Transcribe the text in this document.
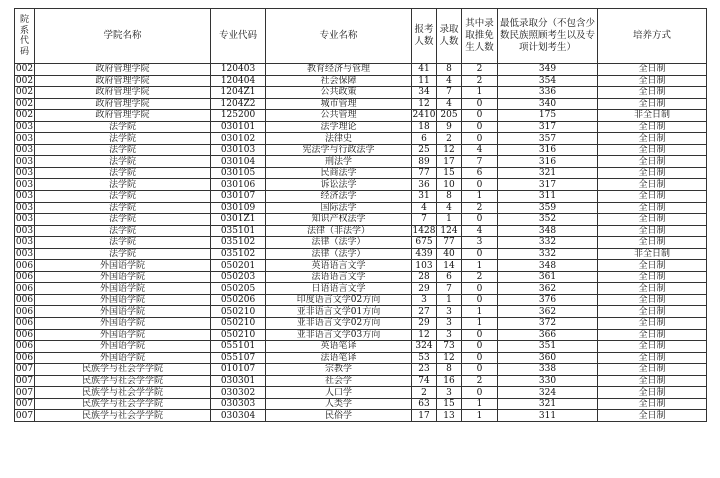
院系代码	学院名称	专业代码	专业名称	报考人数	录取人数	其中录取推免生人数	最低录取分（不包含少数民族照顾考生以及专项计划考生）	培养方式
002	政府管理学院	120403	教育经济与管理	41	8	2	349	全日制
002	政府管理学院	120404	社会保障	11	4	2	354	全日制
002	政府管理学院	1204Z1	公共政策	34	7	1	336	全日制
002	政府管理学院	1204Z2	城市管理	12	4	0	340	全日制
002	政府管理学院	125200	公共管理	2410	205	0	175	非全日制
003	法学院	030101	法学理论	18	9	0	317	全日制
003	法学院	030102	法律史	6	2	0	357	全日制
003	法学院	030103	宪法学与行政法学	25	12	4	316	全日制
003	法学院	030104	刑法学	89	17	7	316	全日制
003	法学院	030105	民商法学	77	15	6	321	全日制
003	法学院	030106	诉讼法学	36	10	0	317	全日制
003	法学院	030107	经济法学	31	8	1	311	全日制
003	法学院	030109	国际法学	4	4	2	359	全日制
003	法学院	0301Z1	知识产权法学	7	1	0	352	全日制
003	法学院	035101	法律（非法学）	1428	124	4	348	全日制
003	法学院	035102	法律（法学）	675	77	3	332	全日制
003	法学院	035102	法律（法学）	439	40	0	332	非全日制
006	外国语学院	050201	英语语言文学	103	14	1	348	全日制
006	外国语学院	050203	法语语言文学	28	6	2	361	全日制
006	外国语学院	050205	日语语言文学	29	7	0	362	全日制
006	外国语学院	050206	印度语言文学02方向	3	1	0	376	全日制
006	外国语学院	050210	亚非语言文学01方向	27	3	1	362	全日制
006	外国语学院	050210	亚非语言文学02方向	29	3	1	372	全日制
006	外国语学院	050210	亚非语言文学03方向	12	3	0	366	全日制
006	外国语学院	055101	英语笔译	324	73	0	351	全日制
006	外国语学院	055107	法语笔译	53	12	0	360	全日制
007	民族学与社会学学院	010107	宗教学	23	8	0	338	全日制
007	民族学与社会学学院	030301	社会学	74	16	2	330	全日制
007	民族学与社会学学院	030302	人口学	2	3	0	324	全日制
007	民族学与社会学学院	030303	人类学	63	15	1	321	全日制
007	民族学与社会学学院	030304	民俗学	17	13	1	311	全日制
